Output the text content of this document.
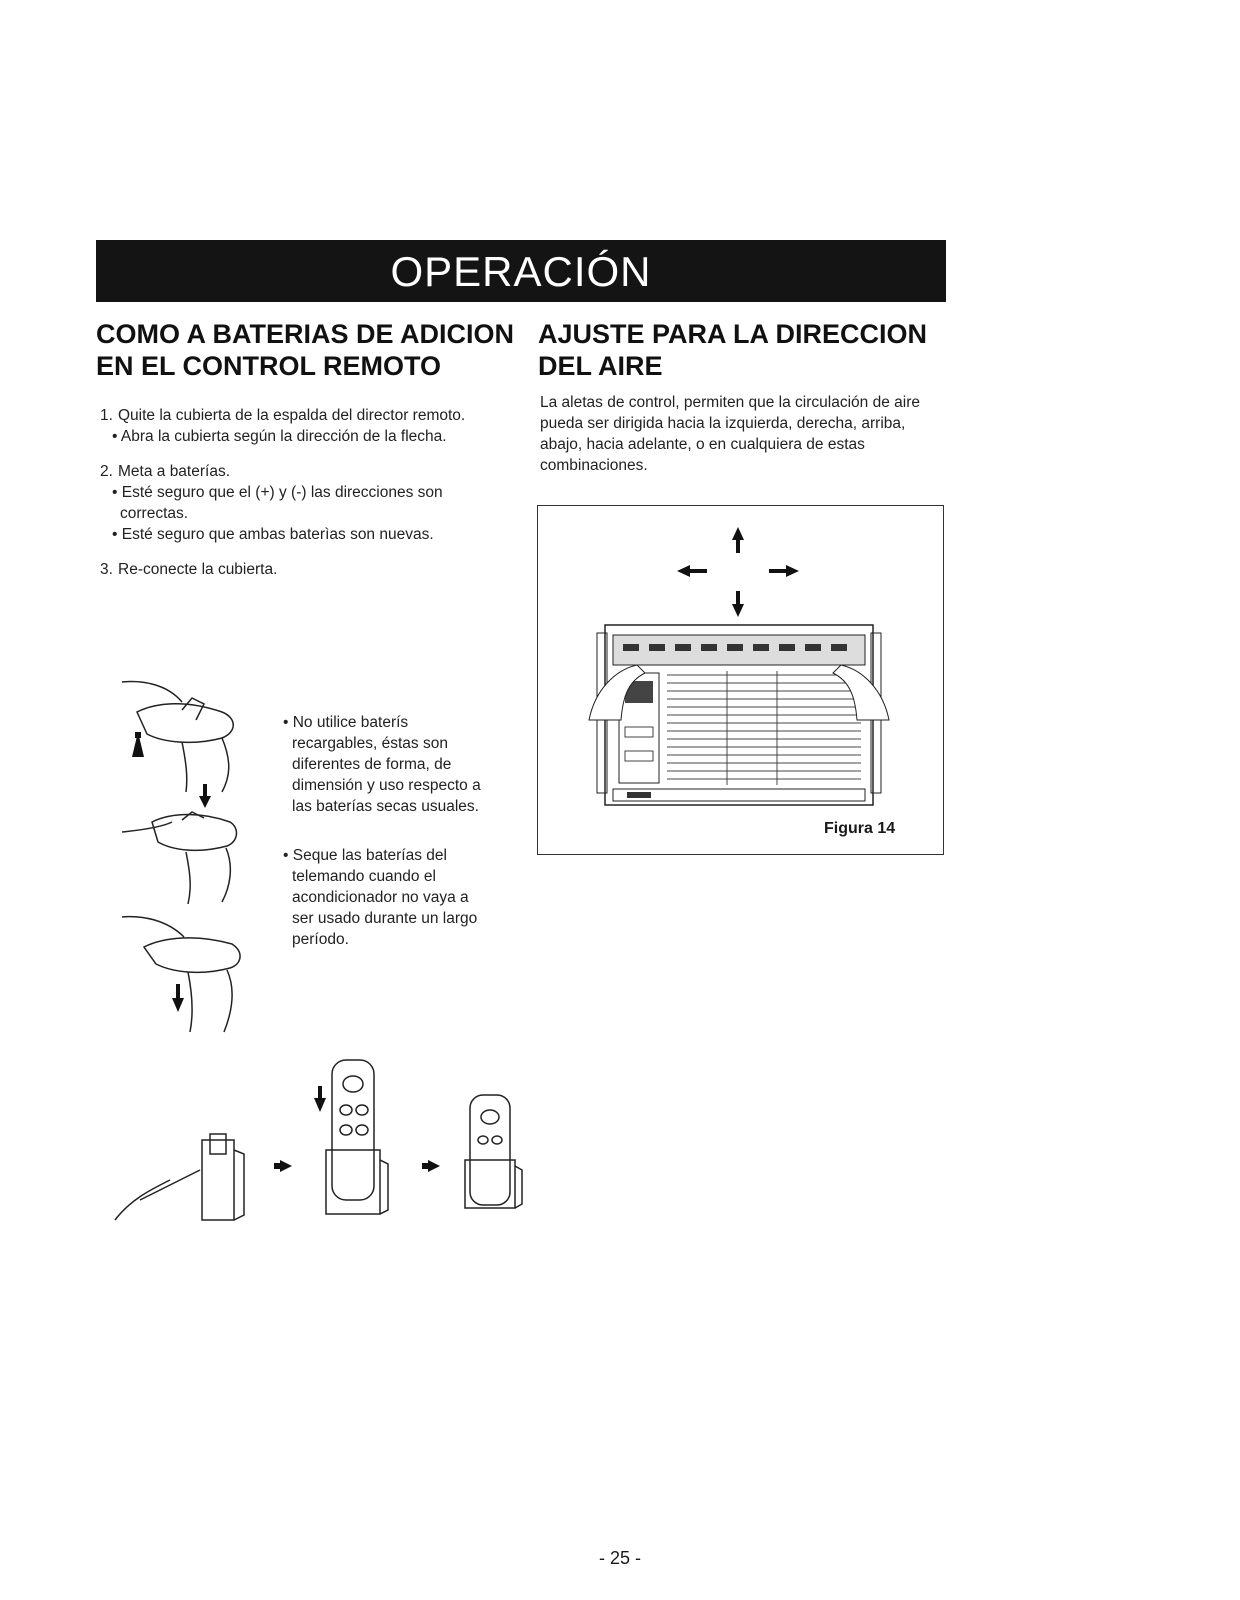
OPERACIÓN
COMO A BATERIAS DE ADICION EN EL CONTROL REMOTO
AJUSTE PARA LA DIRECCION DEL AIRE
1. Quite la cubierta de la espalda del director remoto.
• Abra la cubierta según la dirección de la flecha.
2. Meta a baterías.
• Esté seguro que el (+) y (-) las direcciones son correctas.
• Esté seguro que ambas baterìas son nuevas.
3. Re-conecte la cubierta.
La aletas de control, permiten que la circulación de aire pueda ser dirigida hacia la izquierda, derecha, arriba, abajo, hacia adelante, o en cualquiera de estas combinaciones.
Figura 14
• No utilice baterís recargables, éstas son diferentes de forma, de dimensión y uso respecto a las baterías secas usuales.
• Seque las baterías del telemando cuando el acondicionador no vaya a ser usado durante un largo período.
- 25 -
